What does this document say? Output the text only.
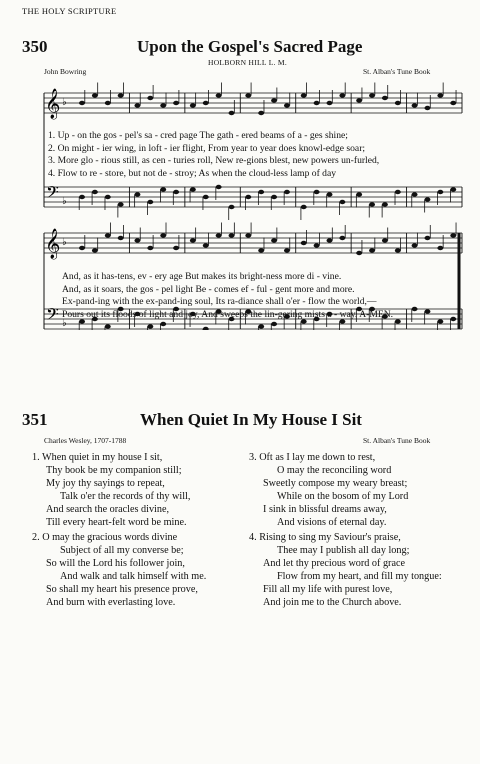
THE HOLY SCRIPTURE
350	Upon the Gospel's Sacred Page
HOLBORN HILL L. M.
John Bowring	St. Alban's Tune Book
𝄞
𝄢
♭
♭
𝄞
𝄢
♭
♭
1. Up - on the gos - pel's sa - cred page The gath - ered beams of a - ges shine;
2. On might - ier wing, in loft - ier flight, From year to year does knowl-edge soar;
3. More glo - rious still, as cen - turies roll, New re-gions blest, new powers un-furled,
4. Flow to re - store, but not de - stroy; As when the cloud-less lamp of day
And, as it has-tens, ev - ery age But makes its bright-ness more di - vine.
And, as it soars, the gos - pel light Be - comes ef - ful - gent more and more.
Ex-pand-ing with the ex-pand-ing soul, Its ra-diance shall o'er - flow the world,—
Pours out its floods of light and joy, And sweeps the lin-gering mists a - way. A-MEN.
351	When Quiet In My House I Sit
Charles Wesley, 1707-1788	St. Alban's Tune Book
1. When quiet in my house I sit,
Thy book be my companion still;
My joy thy sayings to repeat,
Talk o'er the records of thy will,
And search the oracles divine,
Till every heart-felt word be mine.
2. O may the gracious words divine
Subject of all my converse be;
So will the Lord his follower join,
And walk and talk himself with me.
So shall my heart his presence prove,
And burn with everlasting love.
3. Oft as I lay me down to rest,
O may the reconciling word
Sweetly compose my weary breast;
While on the bosom of my Lord
I sink in blissful dreams away,
And visions of eternal day.
4. Rising to sing my Saviour's praise,
Thee may I publish all day long;
And let thy precious word of grace
Flow from my heart, and fill my tongue:
Fill all my life with purest love,
And join me to the Church above.
